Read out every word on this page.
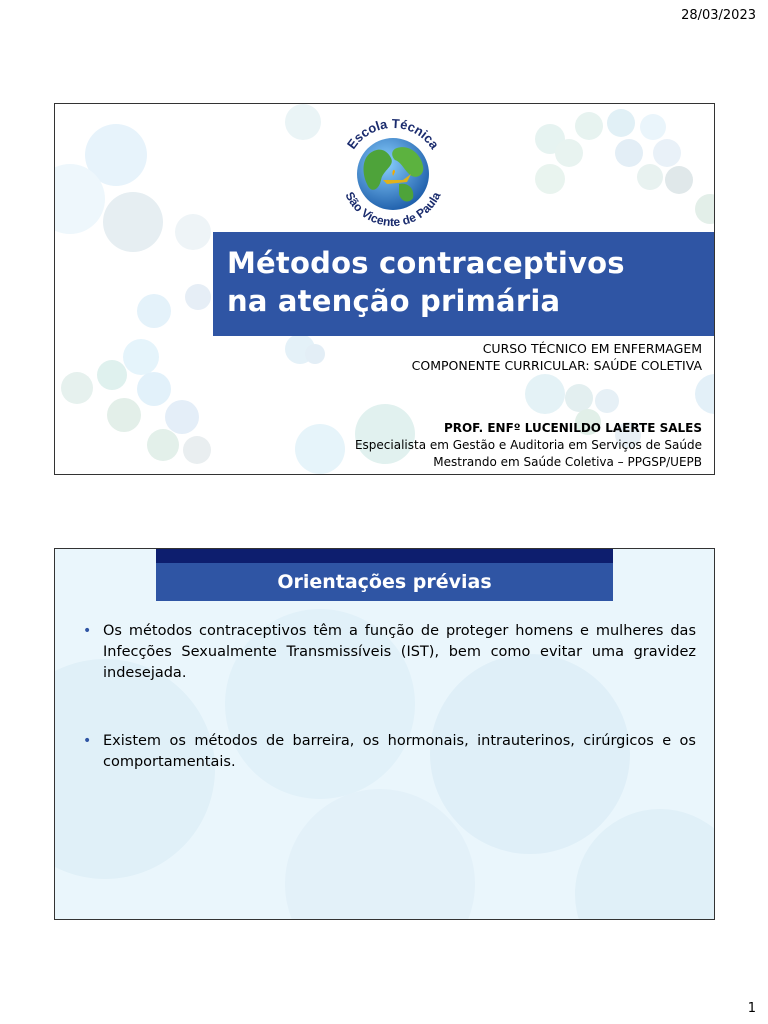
28/03/2023
Escola Técnica
São Vicente de Paula
Métodos contraceptivos
na atenção primária
CURSO TÉCNICO EM ENFERMAGEM
COMPONENTE CURRICULAR: SAÚDE COLETIVA
PROF. ENFº LUCENILDO LAERTE SALES
Especialista em Gestão e Auditoria em Serviços de Saúde
Mestrando em Saúde Coletiva – PPGSP/UEPB
Orientações prévias
• Os métodos contraceptivos têm a função de proteger homens e mulheres das Infecções Sexualmente Transmissíveis (IST), bem como evitar uma gravidez indesejada.
• Existem os métodos de barreira, os hormonais, intrauterinos, cirúrgicos e os comportamentais.
1
